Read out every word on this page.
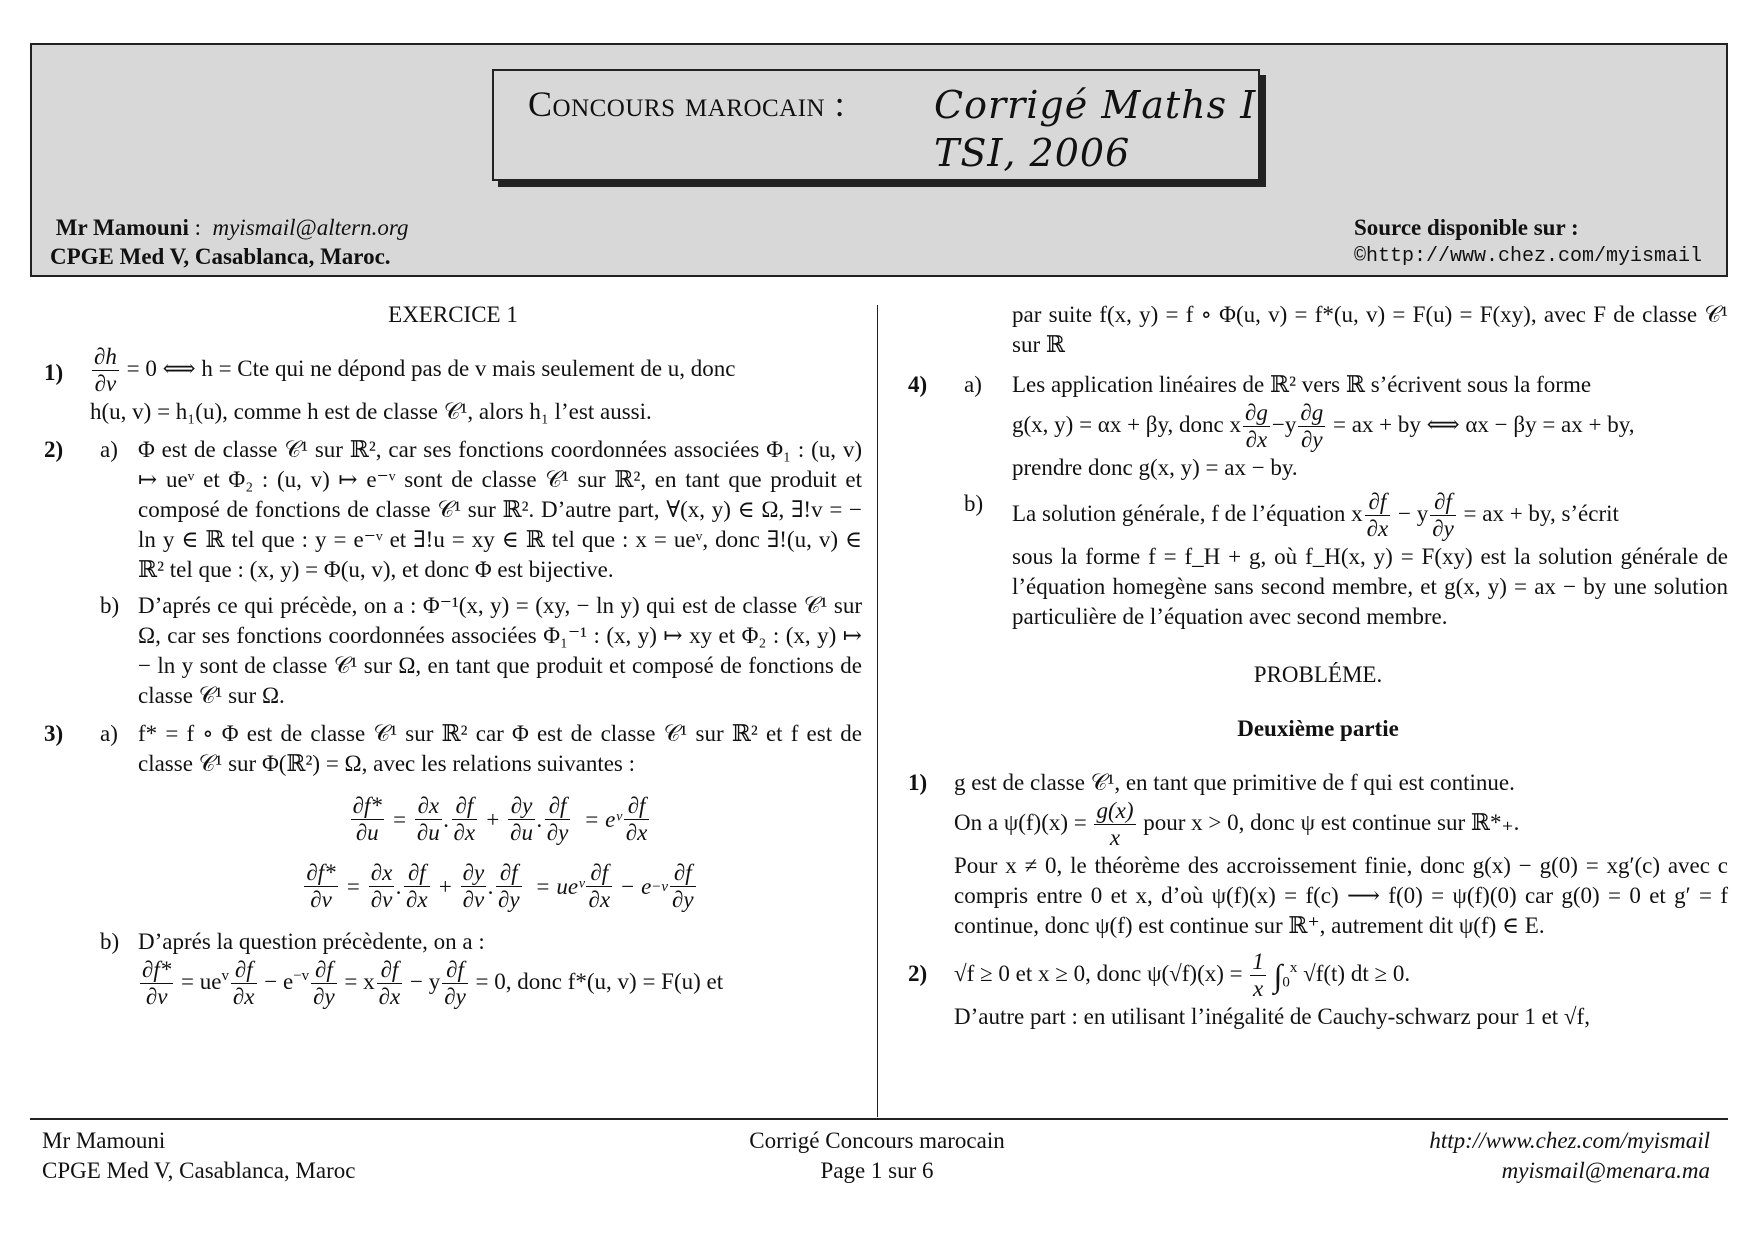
Concours marocain : Corrigé Maths I
TSI, 2006
Mr Mamouni :  myismail@altern.org
CPGE Med V, Casablanca, Maroc.
Source disponible sur :
©http://www.chez.com/myismail
EXERCICE 1
$1) \frac{\partial h}{\partial v} = 0$ ⟺ h = Cte qui ne dépond pas de v mais seulement de u, donc
h(u, v) = h₁(u), comme h est de classe 𝒞¹, alors h₁ l’est aussi.
2) a) Φ est de classe 𝒞¹ sur ℝ², car ses fonctions coordonnées associées Φ₁ : (u, v) ↦ ueᵛ et Φ₂ : (u, v) ↦ e⁻ᵛ sont de classe 𝒞¹ sur ℝ², en tant que produit et composé de fonctions de classe 𝒞¹ sur ℝ². D’autre part, ∀(x, y) ∈ Ω, ∃!v = − ln y ∈ ℝ tel que : y = e⁻ᵛ et ∃!u = xy ∈ ℝ tel que : x = ueᵛ, donc ∃!(u, v) ∈ ℝ² tel que : (x, y) = Φ(u, v), et donc Φ est bijective.
b) D’aprés ce qui précède, on a : Φ⁻¹(x, y) = (xy, − ln y) qui est de classe 𝒞¹ sur Ω, car ses fonctions coordonnées associées Φ₁⁻¹ : (x, y) ↦ xy et Φ₂ : (x, y) ↦ − ln y sont de classe 𝒞¹ sur Ω, en tant que produit et composé de fonctions de classe 𝒞¹ sur Ω.
3) a) f* = f ∘ Φ est de classe 𝒞¹ sur ℝ² car Φ est de classe 𝒞¹ sur ℝ² et f est de classe 𝒞¹ sur Φ(ℝ²) = Ω, avec les relations suivantes :
$\frac{\partial f*}{\partial u} = \frac{\partial x}{\partial u}$ . $\frac{\partial f}{\partial x} + \frac{\partial y}{\partial u}$ . $\frac{\partial f}{\partial y}$
= eᵛ $\frac{\partial f}{\partial x}$
$\frac{\partial f*}{\partial v} = \frac{\partial x}{\partial v}$ . $\frac{\partial f}{\partial x} + \frac{\partial y}{\partial v}$ . $\frac{\partial f}{\partial y}$
= ueᵛ $\frac{\partial f}{\partial x} - e -v \frac{\partial f}{\partial y}$
b) D’aprés la question précèdente, on a :
$\frac{\partial f*}{\partial v} = ue^v \frac{\partial f}{\partial x} - e^{-v} \frac{\partial f}{\partial y} = x \frac{\partial f}{\partial x} - y \frac{\partial f}{\partial y} = 0$, donc f*(u, v) = F(u) et
par suite f(x, y) = f ∘ Φ(u, v) = f*(u, v) = F(u) = F(xy), avec F de classe 𝒞¹ sur ℝ
4) a) Les application linéaires de ℝ² vers ℝ s’écrivent sous la forme
g(x, y) = αx + βy, donc x $\frac{\partial g}{\partial x} -y \frac{\partial g}{\partial y}$ = ax + by ⟺ αx − βy = ax + by,
prendre donc g(x, y) = ax − by.
b) La solution générale, f de l’équation x $\frac{\partial f}{\partial x} - y \frac{\partial f}{\partial y}$ = ax + by, s’écrit
sous la forme f = f_H + g, où f_H(x, y) = F(xy) est la solution générale de l’équation homegène sans second membre, et g(x, y) = ax − by une solution particulière de l’équation avec second membre.
PROBLÉME.
Deuxième partie
1) g est de classe 𝒞¹, en tant que primitive de f qui est continue.
On a $\psi(f)(x) = \frac{g(x)}{x}$ pour x > 0, donc ψ est continue sur ℝ*₊.
Pour x ≠ 0, le théorème des accroissement finie, donc g(x) − g(0) = xg′(c) avec c compris entre 0 et x, d’où ψ(f)(x) = f(c) ⟶ f(0) = ψ(f)(0) car g(0) = 0 et g′ = f continue, donc ψ(f) est continue sur ℝ⁺, autrement dit ψ(f) ∈ E.
2) √f ≥ 0 et x ≥ 0, donc $\psi(√f)(x) = \frac{1}{x} \int_0^x$ √f(t) dt ≥ 0.
D’autre part : en utilisant l’inégalité de Cauchy-schwarz pour 1 et √f,
Mr Mamouni
CPGE Med V, Casablanca, Maroc
Corrigé Concours marocain
Page 1 sur 6
http://www.chez.com/myismail
myismail@menara.ma
